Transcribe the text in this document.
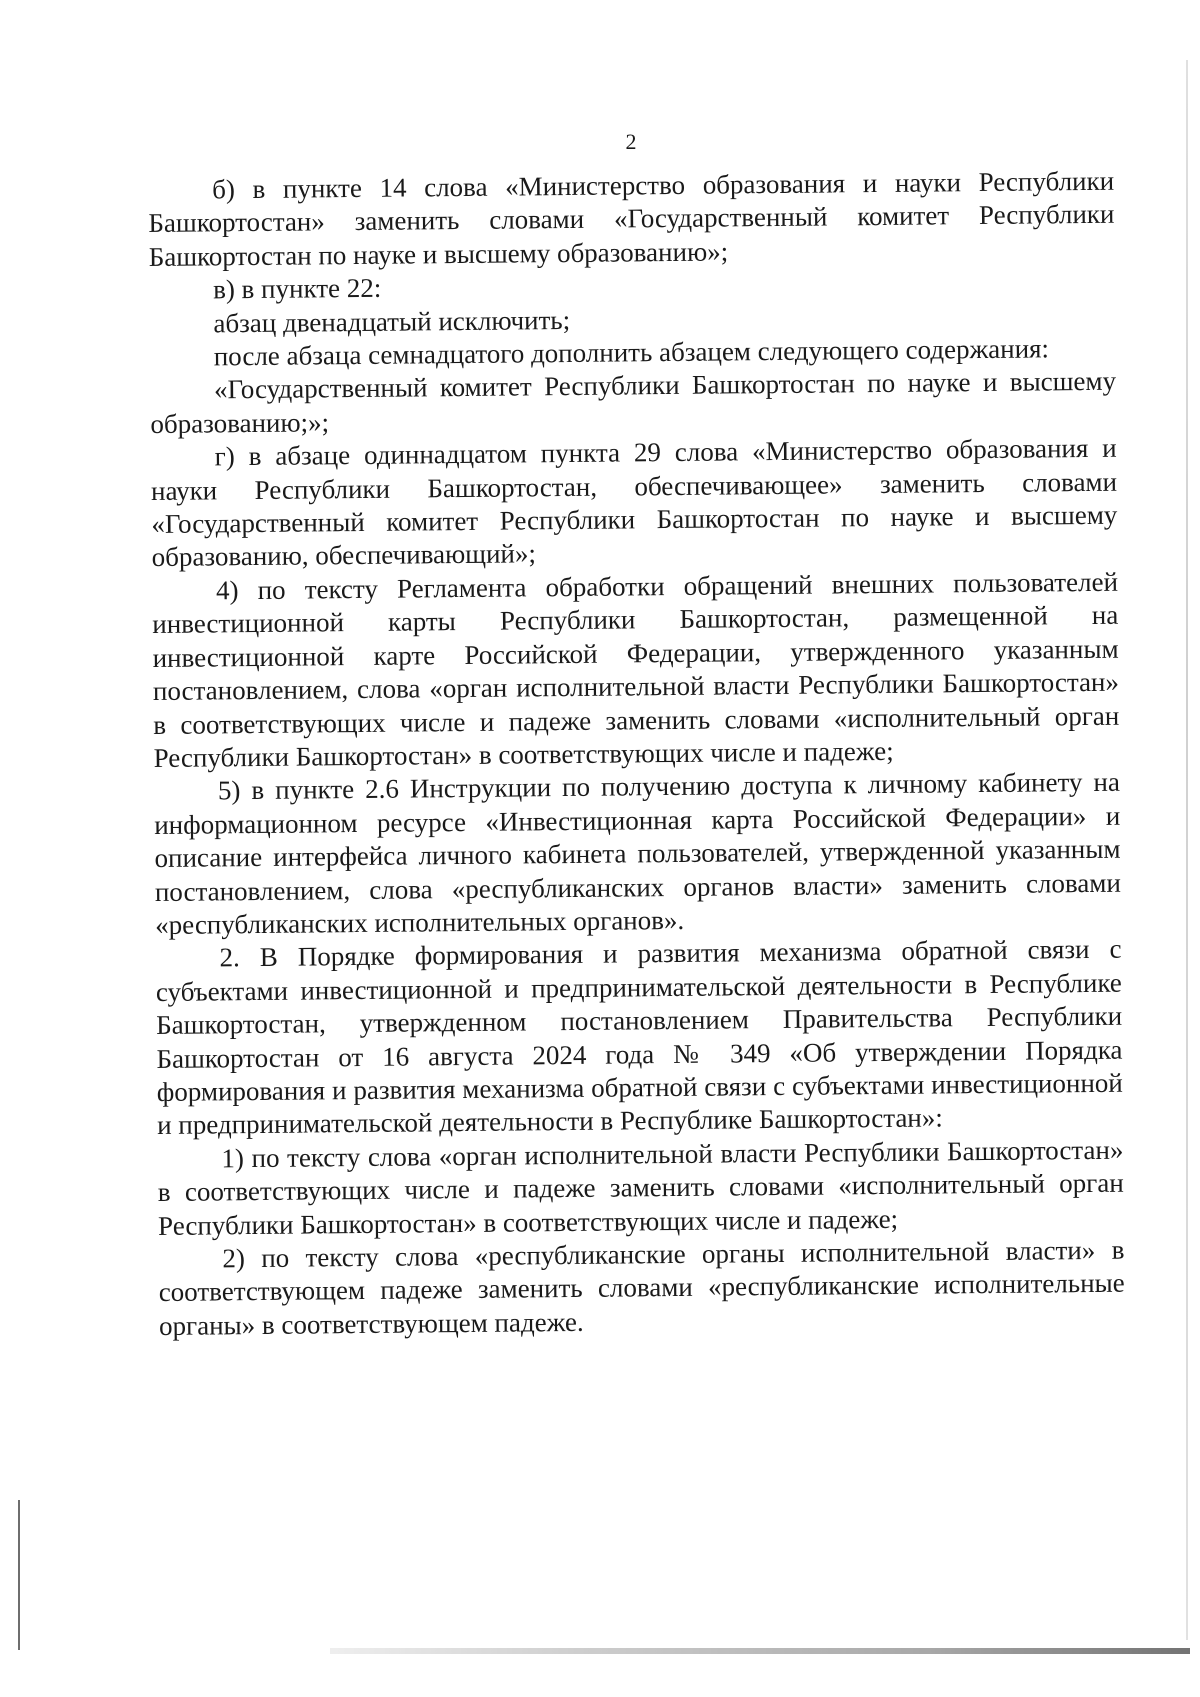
2

б) в пункте 14 слова «Министерство образования и науки Республики Башкортостан» заменить словами «Государственный комитет Республики Башкортостан по науке и высшему образованию»;

в) в пункте 22:

абзац двенадцатый исключить;

после абзаца семнадцатого дополнить абзацем следующего содержания:

«Государственный комитет Республики Башкортостан по науке и высшему образованию;»;

г) в абзаце одиннадцатом пункта 29 слова «Министерство образования и науки Республики Башкортостан, обеспечивающее» заменить словами «Государственный комитет Республики Башкортостан по науке и высшему образованию, обеспечивающий»;

4) по тексту Регламента обработки обращений внешних пользователей инвестиционной карты Республики Башкортостан, размещенной на инвестиционной карте Российской Федерации, утвержденного указанным постановлением, слова «орган исполнительной власти Республики Башкортостан» в соответствующих числе и падеже заменить словами «исполнительный орган Республики Башкортостан» в соответствующих числе и падеже;

5) в пункте 2.6 Инструкции по получению доступа к личному кабинету на информационном ресурсе «Инвестиционная карта Российской Федерации» и описание интерфейса личного кабинета пользователей, утвержденной указанным постановлением, слова «республиканских органов власти» заменить словами «республиканских исполнительных органов».

2. В Порядке формирования и развития механизма обратной связи с субъектами инвестиционной и предпринимательской деятельности в Республике Башкортостан, утвержденном постановлением Правительства Республики Башкортостан от 16 августа 2024 года № 349 «Об утверждении Порядка формирования и развития механизма обратной связи с субъектами инвестиционной и предпринимательской деятельности в Республике Башкортостан»:

1) по тексту слова «орган исполнительной власти Республики Башкортостан» в соответствующих числе и падеже заменить словами «исполнительный орган Республики Башкортостан» в соответствующих числе и падеже;

2) по тексту слова «республиканские органы исполнительной власти» в соответствующем падеже заменить словами «республиканские исполнительные органы» в соответствующем падеже.
